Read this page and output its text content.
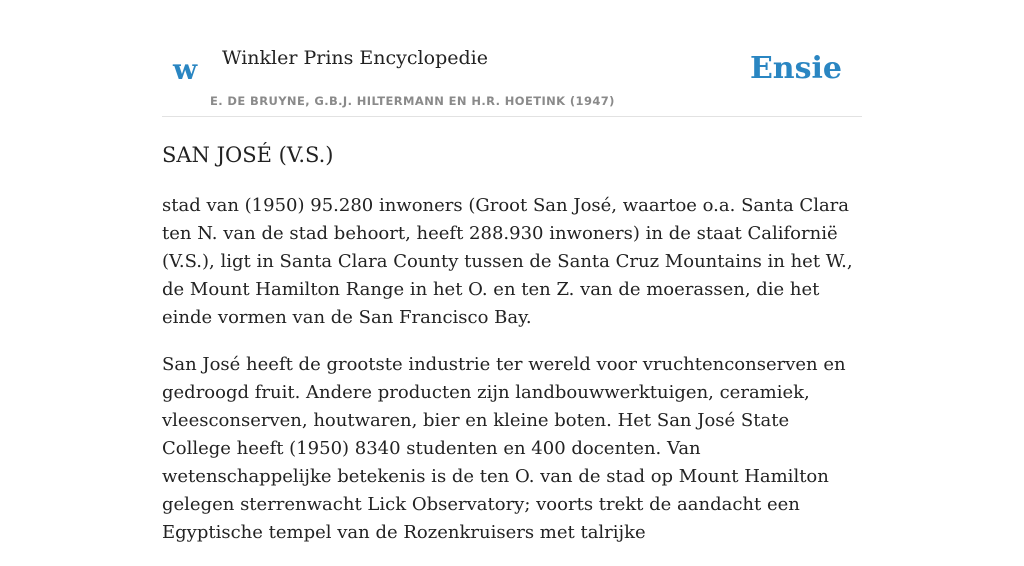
w Winkler Prins Encyclopedie
E. DE BRUYNE, G.B.J. HILTERMANN EN H.R. HOETINK (1947)
Ensie
SAN JOSÉ (V.S.)

stad van (1950) 95.280 inwoners (Groot San José, waartoe o.a. Santa Clara ten N. van de stad behoort, heeft 288.930 inwoners) in de staat Californië (V.S.), ligt in Santa Clara County tussen de Santa Cruz Mountains in het W., de Mount Hamilton Range in het O. en ten Z. van de moerassen, die het einde vormen van de San Francisco Bay.

San José heeft de grootste industrie ter wereld voor vruchtenconserven en gedroogd fruit. Andere producten zijn landbouwwerktuigen, ceramiek, vleesconserven, houtwaren, bier en kleine boten. Het San José State College heeft (1950) 8340 studenten en 400 docenten. Van wetenschappelijke betekenis is de ten O. van de stad op Mount Hamilton gelegen sterrenwacht Lick Observatory; voorts trekt de aandacht een Egyptische tempel van de Rozenkruisers met talrijke
